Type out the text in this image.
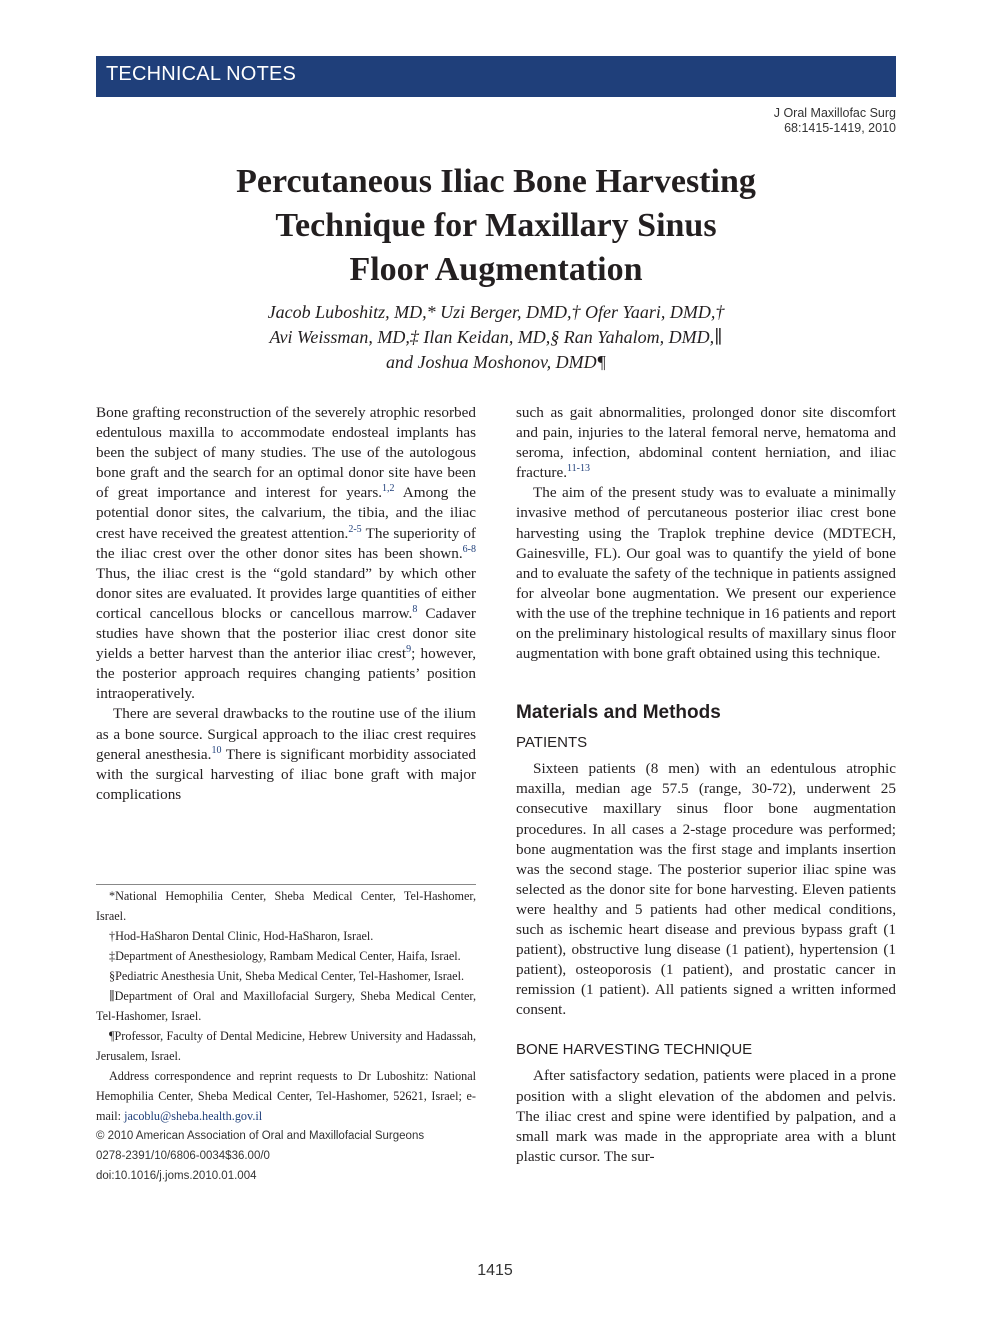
TECHNICAL NOTES
J Oral Maxillofac Surg
68:1415-1419, 2010
Percutaneous Iliac Bone Harvesting
Technique for Maxillary Sinus
Floor Augmentation
Jacob Luboshitz, MD,* Uzi Berger, DMD,† Ofer Yaari, DMD,†
Avi Weissman, MD,‡ Ilan Keidan, MD,§ Ran Yahalom, DMD,∥
and Joshua Moshonov, DMD¶

Bone grafting reconstruction of the severely atrophic resorbed edentulous maxilla to accommodate endosteal implants has been the subject of many studies. The use of the autologous bone graft and the search for an optimal donor site have been of great importance and interest for years.$^{1,2}$ Among the potential donor sites, the calvarium, the tibia, and the iliac crest have received the greatest attention.$^{2-5}$ The superiority of the iliac crest over the other donor sites has been shown.$^{6-8}$ Thus, the iliac crest is the “gold standard” by which other donor sites are evaluated. It provides large quantities of either cortical cancellous blocks or cancellous marrow.$^8$ Cadaver studies have shown that the posterior iliac crest donor site yields a better harvest than the anterior iliac crest$^9$; however, the posterior approach requires changing patients’ position intraoperatively.

There are several drawbacks to the routine use of the ilium as a bone source. Surgical approach to the iliac crest requires general anesthesia.$^{10}$ There is significant morbidity associated with the surgical harvesting of iliac bone graft with major complications

*National Hemophilia Center, Sheba Medical Center, Tel-Hashomer, Israel.

†Hod-HaSharon Dental Clinic, Hod-HaSharon, Israel.

‡Department of Anesthesiology, Rambam Medical Center, Haifa, Israel.

§Pediatric Anesthesia Unit, Sheba Medical Center, Tel-Hashomer, Israel.

∥Department of Oral and Maxillofacial Surgery, Sheba Medical Center, Tel-Hashomer, Israel.

¶Professor, Faculty of Dental Medicine, Hebrew University and Hadassah, Jerusalem, Israel.

Address correspondence and reprint requests to Dr Luboshitz: National Hemophilia Center, Sheba Medical Center, Tel-Hashomer, 52621, Israel; e-mail: jacoblu@sheba.health.gov.il

© 2010 American Association of Oral and Maxillofacial Surgeons

0278-2391/10/6806-0034$36.00/0

doi:10.1016/j.joms.2010.01.004

such as gait abnormalities, prolonged donor site discomfort and pain, injuries to the lateral femoral nerve, hematoma and seroma, infection, abdominal content herniation, and iliac fracture.$^{11-13}$

The aim of the present study was to evaluate a minimally invasive method of percutaneous posterior iliac crest bone harvesting using the Traplok trephine device (MDTECH, Gainesville, FL). Our goal was to quantify the yield of bone and to evaluate the safety of the technique in patients assigned for alveolar bone augmentation. We present our experience with the use of the trephine technique in 16 patients and report on the preliminary histological results of maxillary sinus floor augmentation with bone graft obtained using this technique.

Materials and Methods

PATIENTS

Sixteen patients (8 men) with an edentulous atrophic maxilla, median age 57.5 (range, 30-72), underwent 25 consecutive maxillary sinus floor bone augmentation procedures. In all cases a 2-stage procedure was performed; bone augmentation was the first stage and implants insertion was the second stage. The posterior superior iliac spine was selected as the donor site for bone harvesting. Eleven patients were healthy and 5 patients had other medical conditions, such as ischemic heart disease and previous bypass graft (1 patient), obstructive lung disease (1 patient), hypertension (1 patient), osteoporosis (1 patient), and prostatic cancer in remission (1 patient). All patients signed a written informed consent.

BONE HARVESTING TECHNIQUE

After satisfactory sedation, patients were placed in a prone position with a slight elevation of the abdomen and pelvis. The iliac crest and spine were identified by palpation, and a small mark was made in the appropriate area with a blunt plastic cursor. The sur-

1415
